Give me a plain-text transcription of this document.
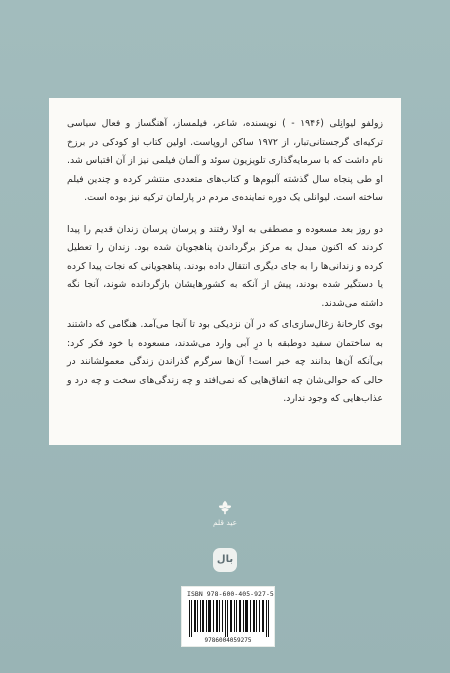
زولفو لیوانِلی (۱۹۴۶ - ) نویسنده، شاعر، فیلمساز، آهنگساز و فعال سیاسی ترکیه‌ای گرجستانی‌تبار، از ۱۹۷۲ ساکن اروپاست. اولین کتاب او کودکی در برزخ نام داشت که با سرمایه‌گذاری تلویزیون سوئد و آلمان فیلمی نیز از آن اقتباس شد. او طی پنجاه سال گذشته آلبوم‌ها و کتاب‌های متعددی منتشر کرده و چندین فیلم ساخته است. لیوانلی یک دوره نماینده‌ی مردم در پارلمان ترکیه نیز بوده است.

دو روز بعد مسعوده و مصطفی به اولا رفتند و پرسان پرسان زندان قدیم را پیدا کردند که اکنون مبدل به مرکز برگرداندن پناهجویان شده بود. زندان را تعطیل کرده و زندانی‌ها را به جای دیگری انتقال داده بودند. پناهجویانی که نجات پیدا کرده یا دستگیر شده بودند، پیش از آنکه به کشورهایشان بازگردانده شوند، آنجا نگه داشته می‌شدند.

بوی کارخانهٔ زغال‌سازی‌ای که در آن نزدیکی بود تا آنجا می‌آمد. هنگامی که داشتند به ساختمان سفید دوطبقه با درِ آبی وارد می‌شدند، مسعوده با خود فکر کرد: بی‌آنکه آن‌ها بدانند چه خبر است! آن‌ها سرگرم گذراندن زندگی معمولشانند در حالی که حوالی‌شان چه اتفاق‌هایی که نمی‌افتد و چه زندگی‌های سخت و چه درد و عذاب‌هایی که وجود ندارد.

عید قلم
بال
ISBN 978-600-405-927-5
9786004059275
